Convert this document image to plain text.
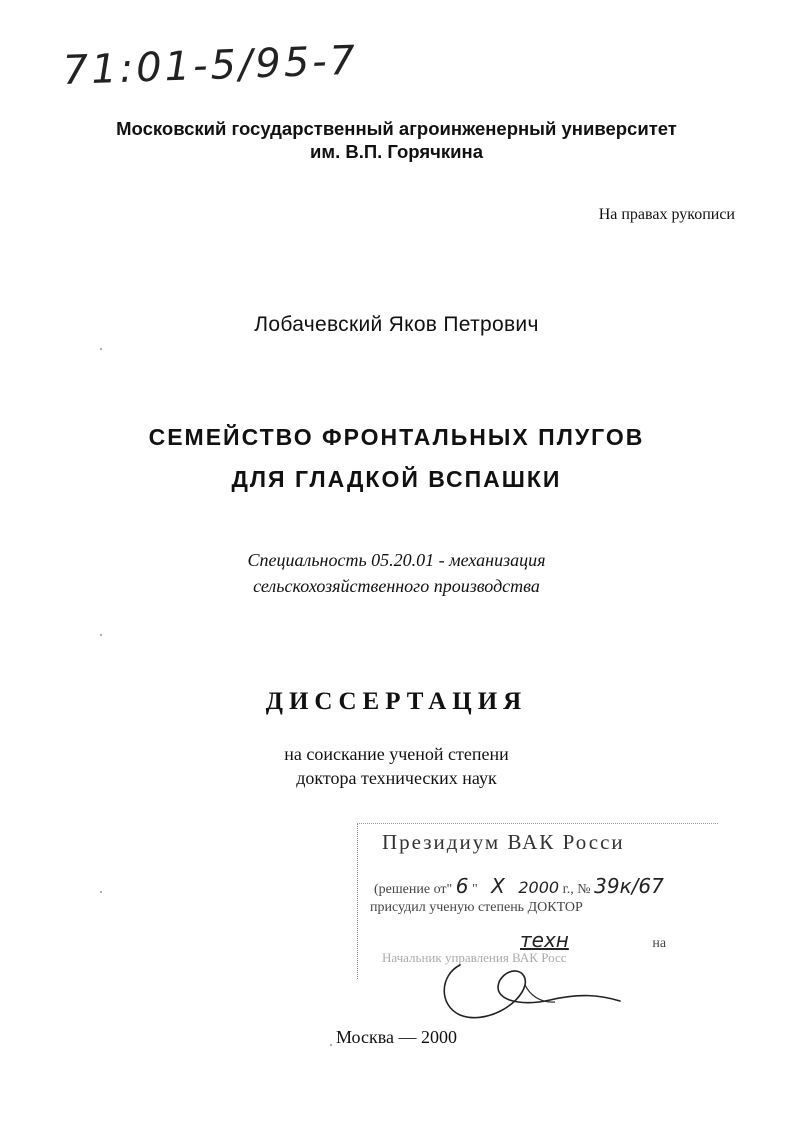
71:01-5/95-7
Московский государственный агроинженерный университет
им. В.П. Горячкина
На правах рукописи
Лобачевский Яков Петрович
СЕМЕЙСТВО ФРОНТАЛЬНЫХ ПЛУГОВ
ДЛЯ ГЛАДКОЙ ВСПАШКИ
Специальность 05.20.01 - механизация
сельскохозяйственного производства
ДИССЕРТАЦИЯ
на соискание ученой степени
доктора технических наук
Президиум ВАК Росси
(решение от" 6 " X 2000 г., № 39к/67
присудил ученую степень ДОКТОР
техн	на
Начальник управления ВАК Росс
Москва — 2000
